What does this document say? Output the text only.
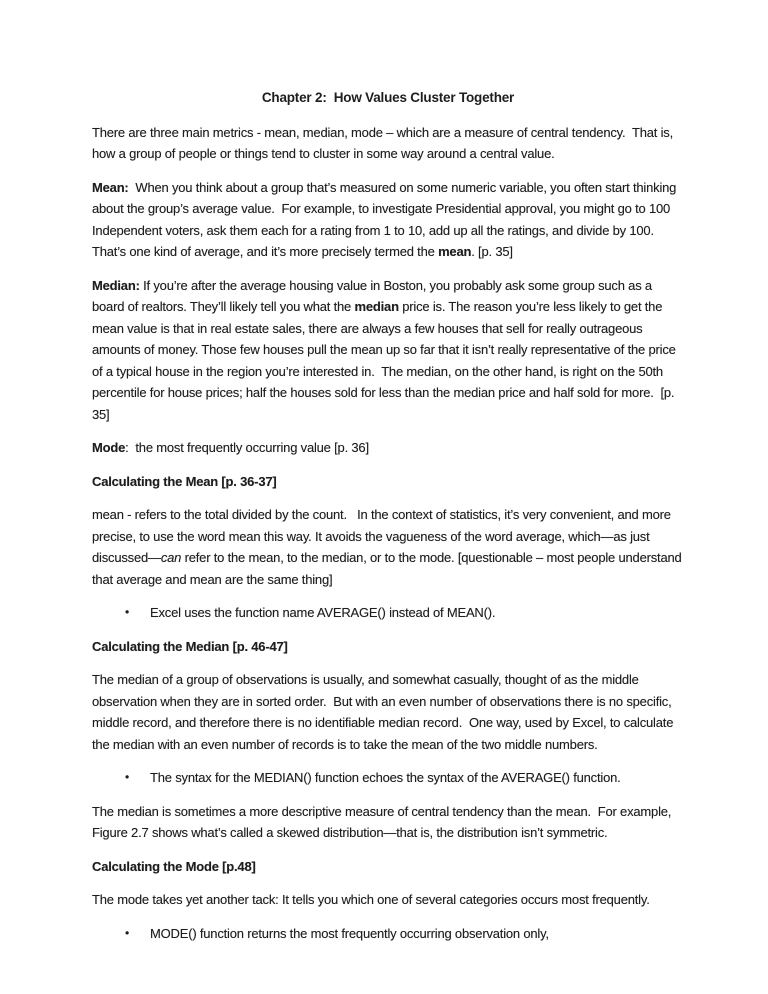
Chapter 2:  How Values Cluster Together

There are three main metrics - mean, median, mode – which are a measure of central tendency.  That is, how a group of people or things tend to cluster in some way around a central value.

Mean:  When you think about a group that’s measured on some numeric variable, you often start thinking about the group’s average value.  For example, to investigate Presidential approval, you might go to 100 Independent voters, ask them each for a rating from 1 to 10, add up all the ratings, and divide by 100. That’s one kind of average, and it’s more precisely termed the mean. [p. 35]

Median: If you’re after the average housing value in Boston, you probably ask some group such as a board of realtors. They’ll likely tell you what the median price is. The reason you’re less likely to get the mean value is that in real estate sales, there are always a few houses that sell for really outrageous amounts of money. Those few houses pull the mean up so far that it isn’t really representative of the price of a typical house in the region you’re interested in.  The median, on the other hand, is right on the 50th percentile for house prices; half the houses sold for less than the median price and half sold for more.  [p. 35]

Mode:  the most frequently occurring value [p. 36]

Calculating the Mean [p. 36-37]

mean - refers to the total divided by the count.   In the context of statistics, it’s very convenient, and more precise, to use the word mean this way. It avoids the vagueness of the word average, which—as just discussed—can refer to the mean, to the median, or to the mode. [questionable – most people understand that average and mean are the same thing]

•	Excel uses the function name AVERAGE() instead of MEAN().

Calculating the Median [p. 46-47]

The median of a group of observations is usually, and somewhat casually, thought of as the middle observation when they are in sorted order.  But with an even number of observations there is no specific, middle record, and therefore there is no identifiable median record.  One way, used by Excel, to calculate the median with an even number of records is to take the mean of the two middle numbers.

•	The syntax for the MEDIAN() function echoes the syntax of the AVERAGE() function.

The median is sometimes a more descriptive measure of central tendency than the mean.  For example, Figure 2.7 shows what’s called a skewed distribution—that is, the distribution isn’t symmetric.

Calculating the Mode [p.48]

The mode takes yet another tack: It tells you which one of several categories occurs most frequently.

•	MODE() function returns the most frequently occurring observation only,
